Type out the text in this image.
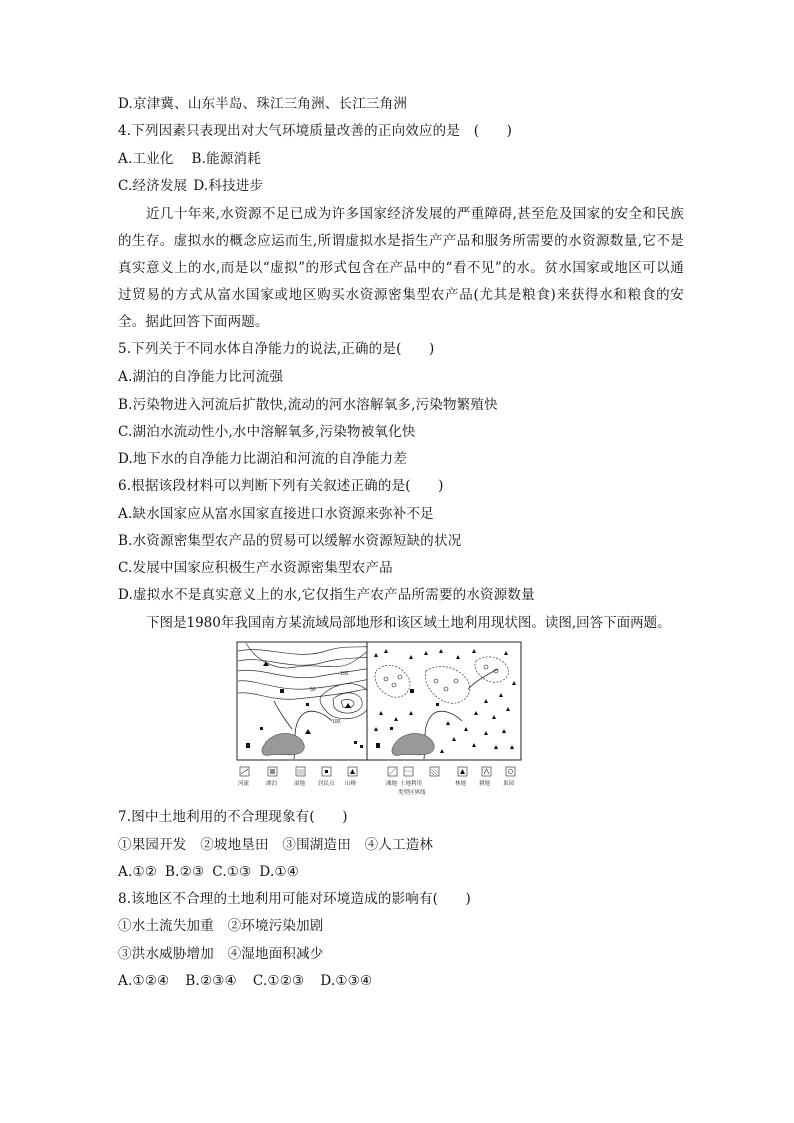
D.京津冀、山东半岛、珠江三角洲、长江三角洲
4.下列因素只表现出对大气环境质量改善的正向效应的是　(　　)
A.工业化 B.能源消耗
C.经济发展 D.科技进步
近几十年来,水资源不足已成为许多国家经济发展的严重障碍,甚至危及国家的安全和民族的生存。虚拟水的概念应运而生,所谓虚拟水是指生产产品和服务所需要的水资源数量,它不是真实意义上的水,而是以“虚拟”的形式包含在产品中的“看不见”的水。贫水国家或地区可以通过贸易的方式从富水国家或地区购买水资源密集型农产品(尤其是粮食)来获得水和粮食的安全。据此回答下面两题。
5.下列关于不同水体自净能力的说法,正确的是(　　)
A.湖泊的自净能力比河流强
B.污染物进入河流后扩散快,流动的河水溶解氧多,污染物繁殖快
C.湖泊水流动性小,水中溶解氧多,污染物被氧化快
D.地下水的自净能力比湖泊和河流的自净能力差
6.根据该段材料可以判断下列有关叙述正确的是(　　)
A.缺水国家应从富水国家直接进口水资源来弥补不足
B.水资源密集型农产品的贸易可以缓解水资源短缺的状况
C.发展中国家应积极生产水资源密集型农产品
D.虚拟水不是真实意义上的水,它仅指生产农产品所需要的水资源数量
下图是1980年我国南方某流域局部地形和该区域土地利用现状图。读图,回答下面两题。
100
50
100
河流	湖泊	湿地 居民点 山峰	滩地 土地利用
类型区界线
林地 耕地 果园
7.图中土地利用的不合理现象有(　　)
①果园开发　②坡地垦田　③围湖造田　④人工造林
A.①② B.②③ C.①③ D.①④
8.该地区不合理的土地利用可能对环境造成的影响有(　　)
①水土流失加重　②环境污染加剧
③洪水威胁增加　④湿地面积减少
A.①②④ B.②③④ C.①②③ D.①③④
